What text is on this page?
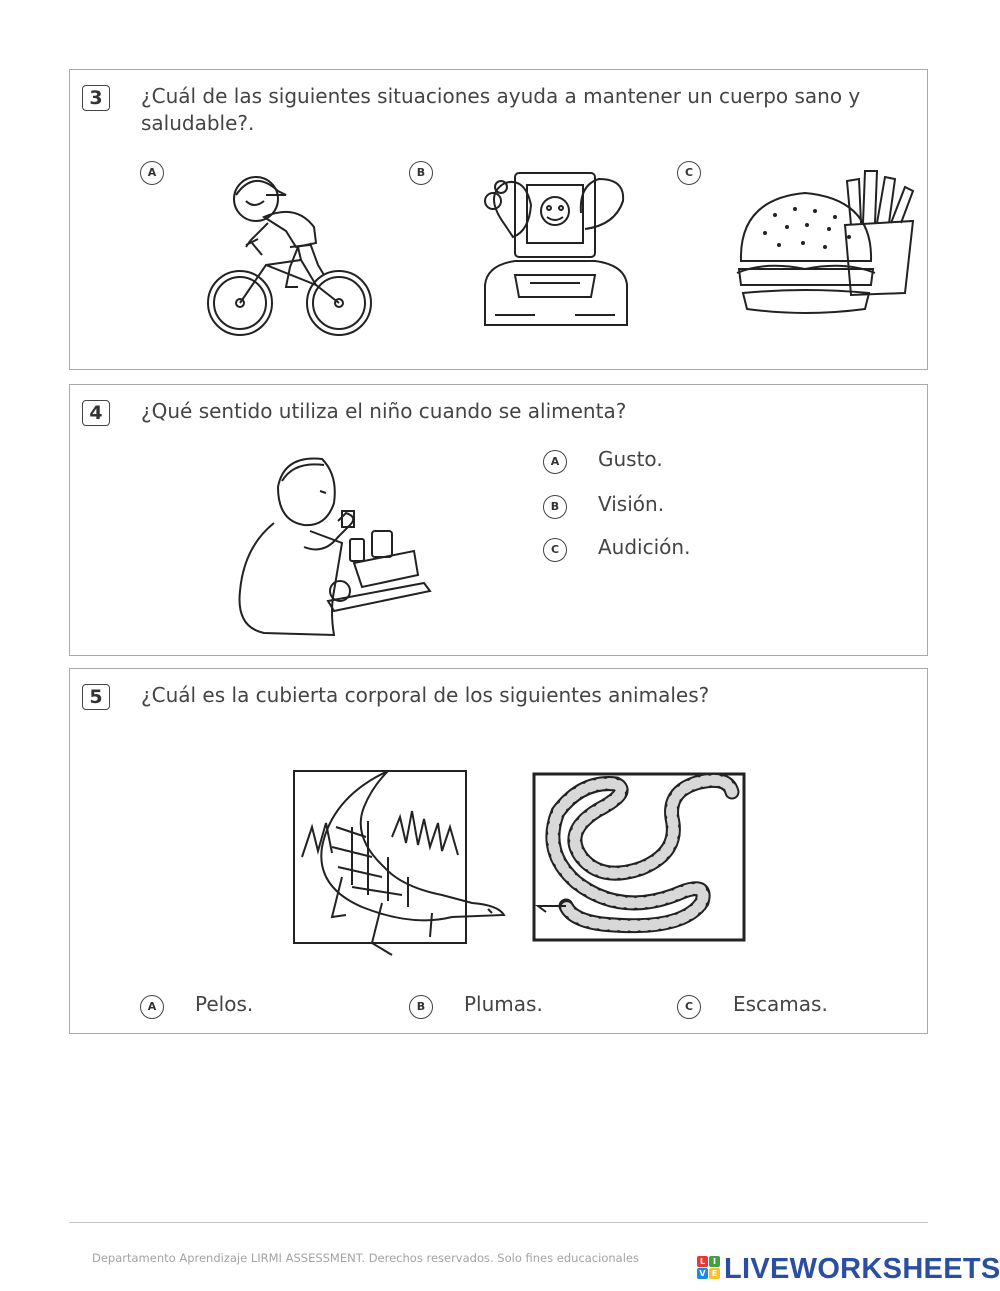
3	¿Cuál de las siguientes situaciones ayuda a mantener un cuerpo sano y saludable?.
A	B	C
4	¿Qué sentido utiliza el niño cuando se alimenta?
A	Gusto.
B	Visión.
C	Audición.
5	¿Cuál es la cubierta corporal de los siguientes animales?
A	Pelos.	B	Plumas.	C	Escamas.
Departamento Aprendizaje LIRMI ASSESSMENT. Derechos reservados. Solo fines educacionales	L I
V E LIVEWORKSHEETS
